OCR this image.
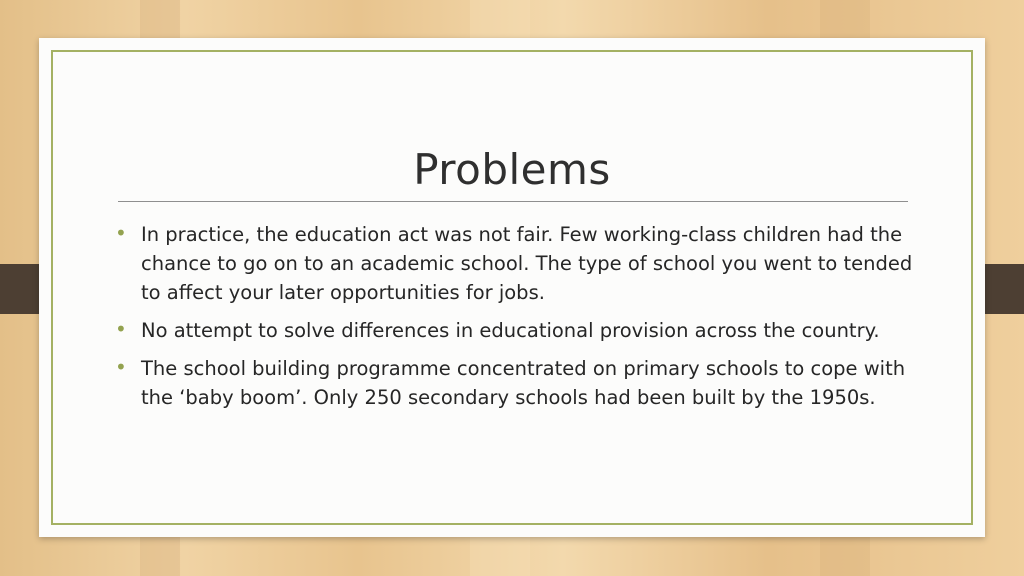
Problems
• In practice, the education act was not fair. Few working-class children had the chance to go on to an academic school. The type of school you went to tended to affect your later opportunities for jobs.
• No attempt to solve differences in educational provision across the country.
• The school building programme concentrated on primary schools to cope with the ‘baby boom’. Only 250 secondary schools had been built by the 1950s.
